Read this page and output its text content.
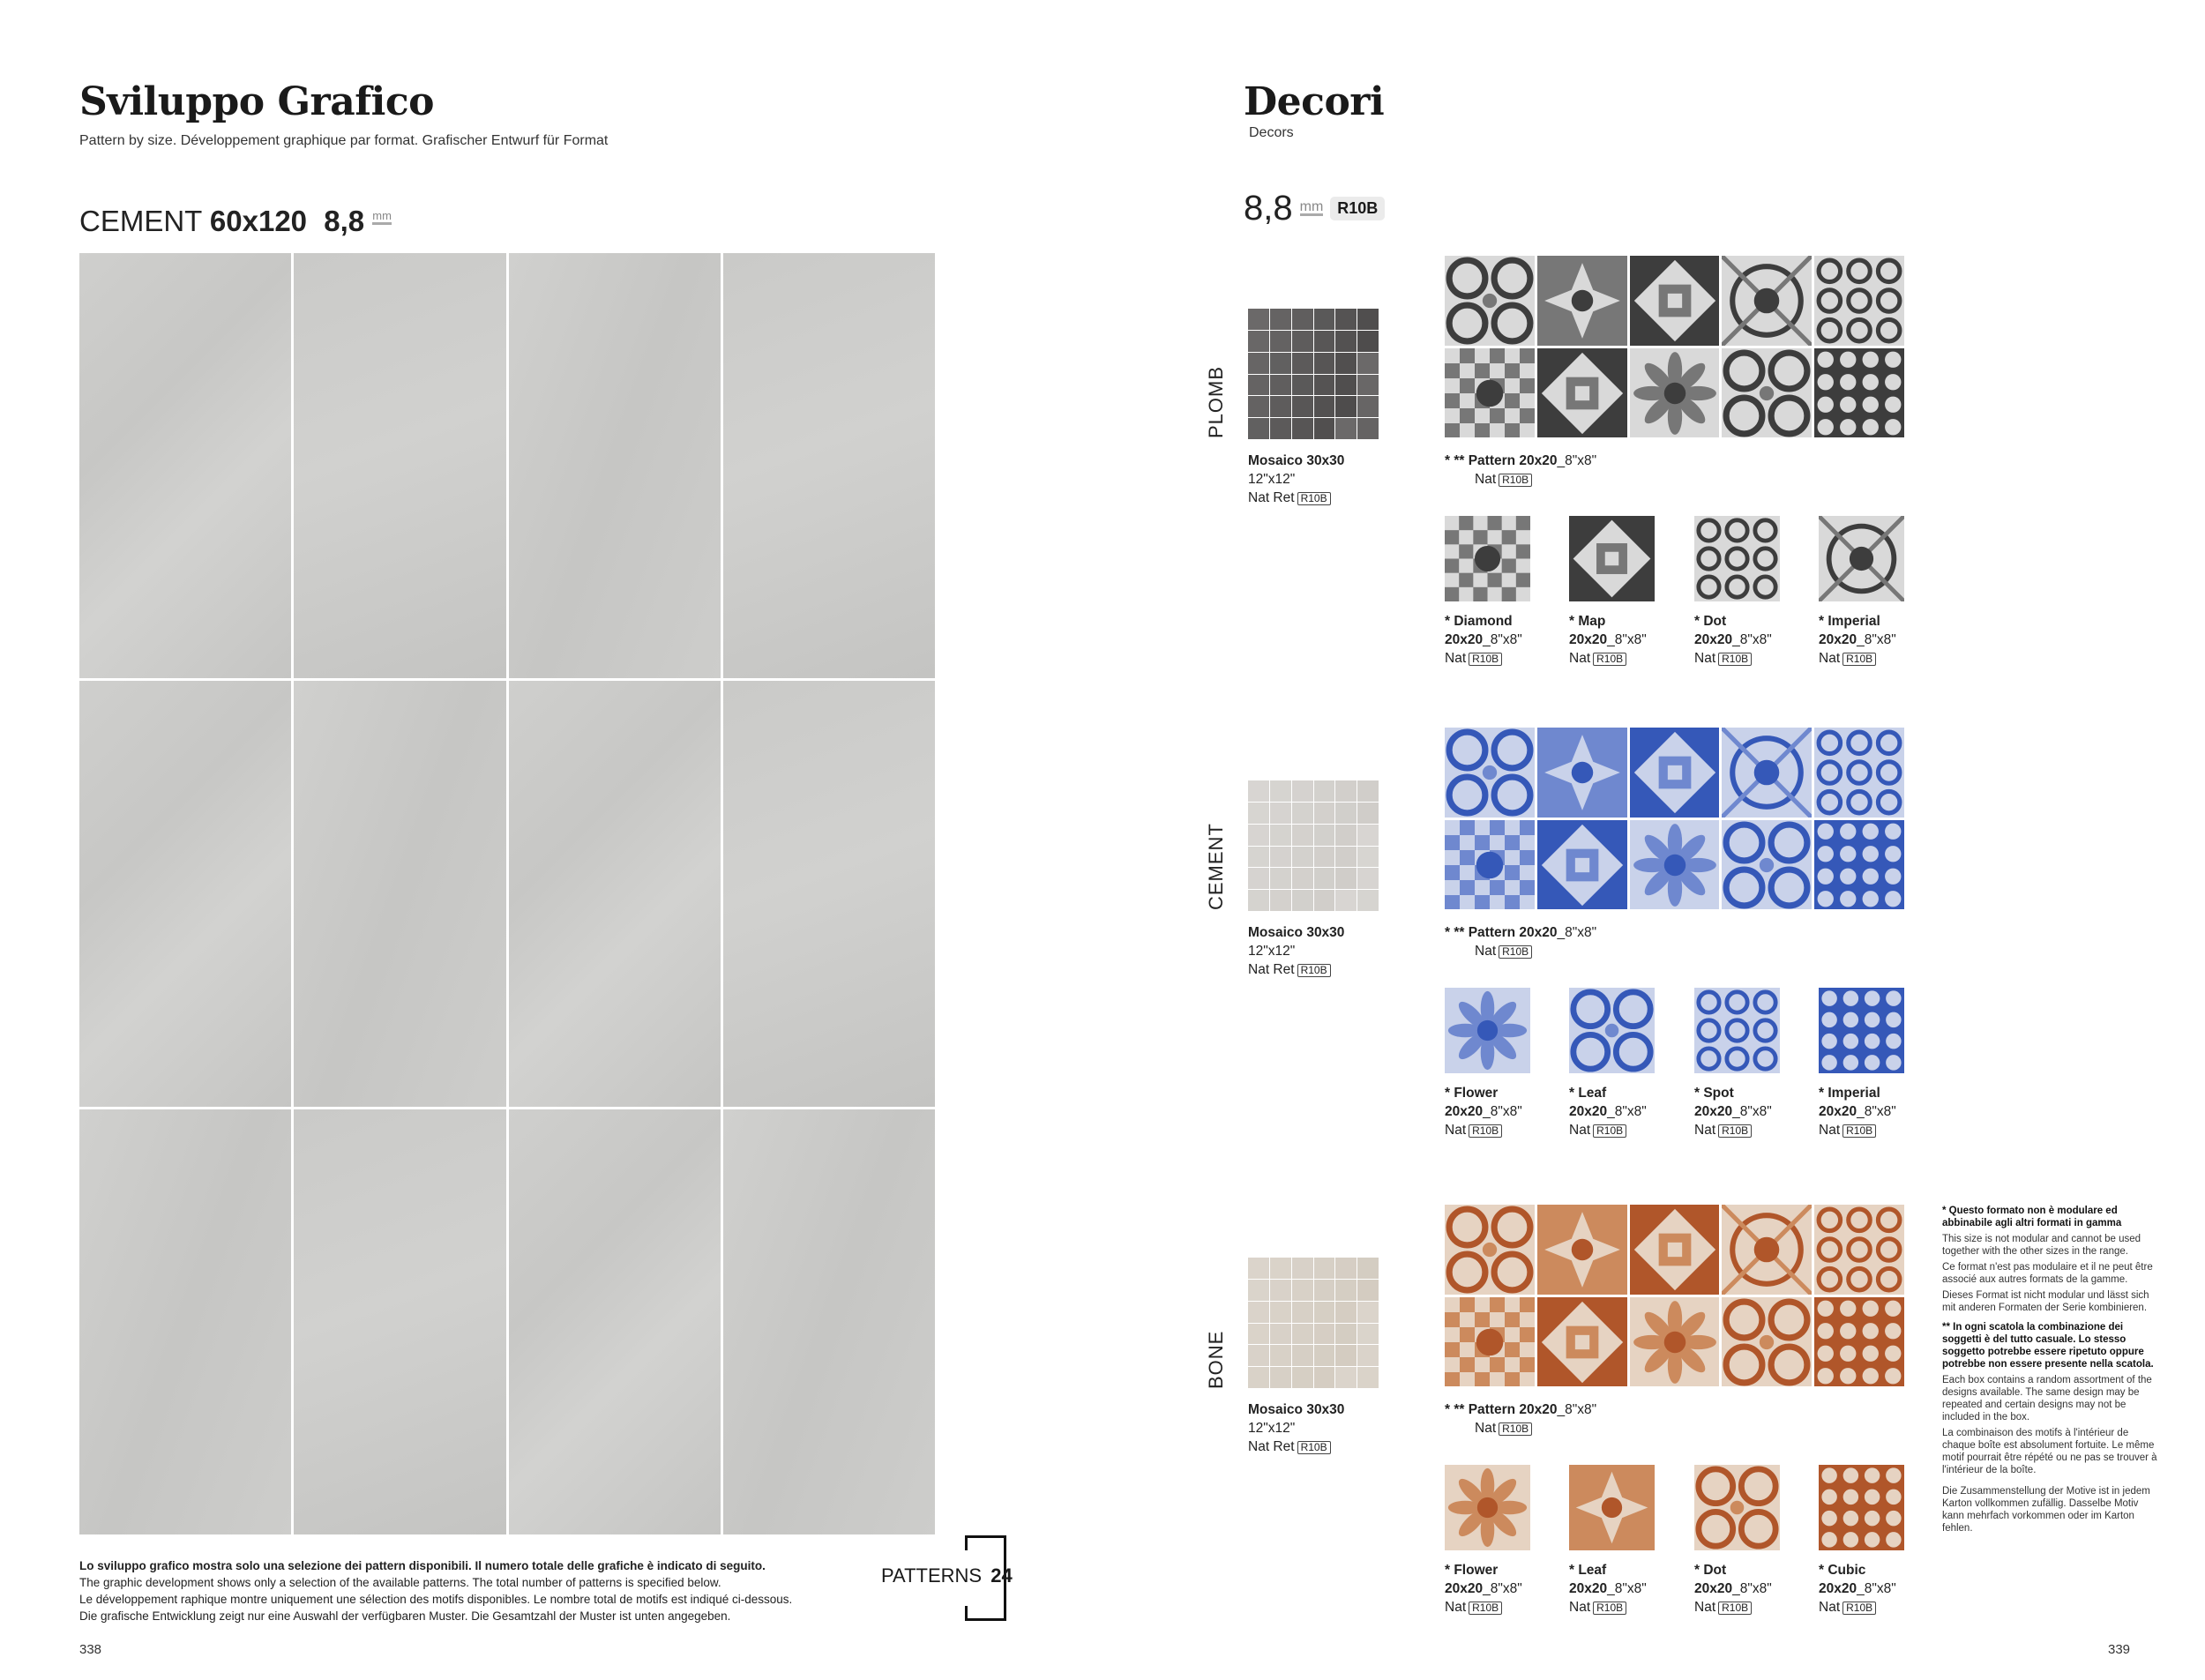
Sviluppo Grafico
Pattern by size. Développement graphique par format. Grafischer Entwurf für Format
CEMENT 60x120 8,8 mm
Lo sviluppo grafico mostra solo una selezione dei pattern disponibili. Il numero totale delle grafiche è indicato di seguito.
The graphic development shows only a selection of the available patterns. The total number of patterns is specified below.
Le développement raphique montre uniquement une sélection des motifs disponibles. Le nombre total de motifs est indiqué ci-dessous.
Die grafische Entwicklung zeigt nur eine Auswahl der verfügbaren Muster. Die Gesamtzahl der Muster ist unten angegeben.
PATTERNS 24
338
Decori
Decors
8,8 mm R10B
PLOMB
Mosaico 30x30
12"x12"
Nat Ret R10B
* ** Pattern 20x20_8"x8"
Nat R10B
* Diamond
20x20_8"x8"
Nat R10B
* Map
20x20_8"x8"
Nat R10B
* Dot
20x20_8"x8"
Nat R10B
* Imperial
20x20_8"x8"
Nat R10B
CEMENT
Mosaico 30x30
12"x12"
Nat Ret R10B
* ** Pattern 20x20_8"x8"
Nat R10B
* Flower
20x20_8"x8"
Nat R10B
* Leaf
20x20_8"x8"
Nat R10B
* Spot
20x20_8"x8"
Nat R10B
* Imperial
20x20_8"x8"
Nat R10B
BONE
Mosaico 30x30
12"x12"
Nat Ret R10B
* ** Pattern 20x20_8"x8"
Nat R10B
* Flower
20x20_8"x8"
Nat R10B
* Leaf
20x20_8"x8"
Nat R10B
* Dot
20x20_8"x8"
Nat R10B
* Cubic
20x20_8"x8"
Nat R10B

* Questo formato non è modulare ed abbinabile agli altri formati in gamma

This size is not modular and cannot be used together with the other sizes in the range.

Ce format n'est pas modulaire et il ne peut être associé aux autres formats de la gamme.

Dieses Format ist nicht modular und lässt sich mit anderen Formaten der Serie kombinieren.

** In ogni scatola la combinazione dei soggetti è del tutto casuale. Lo stesso soggetto potrebbe essere ripetuto oppure potrebbe non essere presente nella scatola.

Each box contains a random assortment of the designs available. The same design may be repeated and certain designs may not be included in the box.

La combinaison des motifs à l'intérieur de chaque boîte est absolument fortuite. Le même motif pourrait être répété ou ne pas se trouver à l'intérieur de la boîte.

Die Zusammenstellung der Motive ist in jedem Karton vollkommen zufällig. Dasselbe Motiv kann mehrfach vorkommen oder im Karton fehlen.

339
